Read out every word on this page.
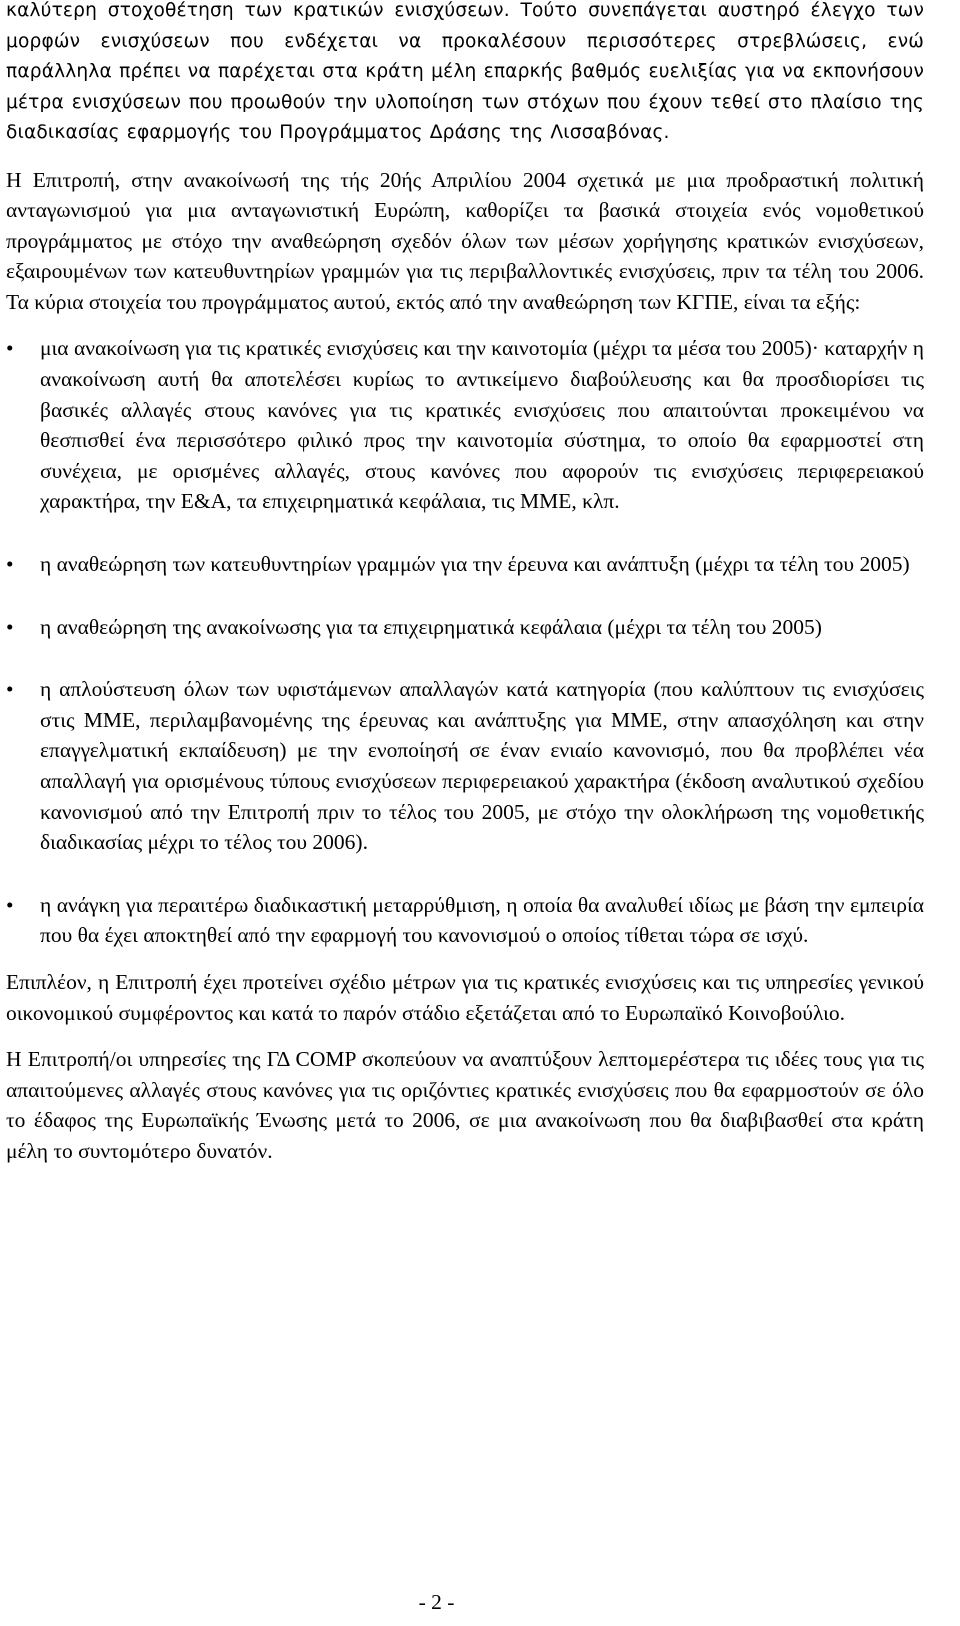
καλύτερη στοχοθέτηση των κρατικών ενισχύσεων. Τούτο συνεπάγεται αυστηρό έλεγχο των μορφών ενισχύσεων που ενδέχεται να προκαλέσουν περισσότερες στρεβλώσεις, ενώ παράλληλα πρέπει να παρέχεται στα κράτη μέλη επαρκής βαθμός ευελιξίας για να εκπονήσουν μέτρα ενισχύσεων που προωθούν την υλοποίηση των στόχων που έχουν τεθεί στο πλαίσιο της διαδικασίας εφαρμογής του Προγράμματος Δράσης της Λισσαβόνας.

Η Επιτροπή, στην ανακοίνωσή της τής 20ής Απριλίου 2004 σχετικά με μια προδραστική πολιτική ανταγωνισμού για μια ανταγωνιστική Ευρώπη, καθορίζει τα βασικά στοιχεία ενός νομοθετικού προγράμματος με στόχο την αναθεώρηση σχεδόν όλων των μέσων χορήγησης κρατικών ενισχύσεων, εξαιρουμένων των κατευθυντηρίων γραμμών για τις περιβαλλοντικές ενισχύσεις, πριν τα τέλη του 2006. Τα κύρια στοιχεία του προγράμματος αυτού, εκτός από την αναθεώρηση των ΚΓΠΕ, είναι τα εξής:

•	μια ανακοίνωση για τις κρατικές ενισχύσεις και την καινοτομία (μέχρι τα μέσα του 2005)· καταρχήν η ανακοίνωση αυτή θα αποτελέσει κυρίως το αντικείμενο διαβούλευσης και θα προσδιορίσει τις βασικές αλλαγές στους κανόνες για τις κρατικές ενισχύσεις που απαιτούνται προκειμένου να θεσπισθεί ένα περισσότερο φιλικό προς την καινοτομία σύστημα, το οποίο θα εφαρμοστεί στη συνέχεια, με ορισμένες αλλαγές, στους κανόνες που αφορούν τις ενισχύσεις περιφερειακού χαρακτήρα, την Ε&Α, τα επιχειρηματικά κεφάλαια, τις ΜΜΕ, κλπ.
•	η αναθεώρηση των κατευθυντηρίων γραμμών για την έρευνα και ανάπτυξη (μέχρι τα τέλη του 2005)
•	η αναθεώρηση της ανακοίνωσης για τα επιχειρηματικά κεφάλαια (μέχρι τα τέλη του 2005)
•	η απλούστευση όλων των υφιστάμενων απαλλαγών κατά κατηγορία (που καλύπτουν τις ενισχύσεις στις ΜΜΕ, περιλαμβανομένης της έρευνας και ανάπτυξης για ΜΜΕ, στην απασχόληση και στην επαγγελματική εκπαίδευση) με την ενοποίησή σε έναν ενιαίο κανονισμό, που θα προβλέπει νέα απαλλαγή για ορισμένους τύπους ενισχύσεων περιφερειακού χαρακτήρα (έκδοση αναλυτικού σχεδίου κανονισμού από την Επιτροπή πριν το τέλος του 2005, με στόχο την ολοκλήρωση της νομοθετικής διαδικασίας μέχρι το τέλος του 2006).
•	η ανάγκη για περαιτέρω διαδικαστική μεταρρύθμιση, η οποία θα αναλυθεί ιδίως με βάση την εμπειρία που θα έχει αποκτηθεί από την εφαρμογή του κανονισμού ο οποίος τίθεται τώρα σε ισχύ.

Επιπλέον, η Επιτροπή έχει προτείνει σχέδιο μέτρων για τις κρατικές ενισχύσεις και τις υπηρεσίες γενικού οικονομικού συμφέροντος και κατά το παρόν στάδιο εξετάζεται από το Ευρωπαϊκό Κοινοβούλιο.

Η Επιτροπή/οι υπηρεσίες της ΓΔ COMP σκοπεύουν να αναπτύξουν λεπτομερέστερα τις ιδέες τους για τις απαιτούμενες αλλαγές στους κανόνες για τις οριζόντιες κρατικές ενισχύσεις που θα εφαρμοστούν σε όλο το έδαφος της Ευρωπαϊκής Ένωσης μετά το 2006, σε μια ανακοίνωση που θα διαβιβασθεί στα κράτη μέλη το συντομότερο δυνατόν.

- 2 -
